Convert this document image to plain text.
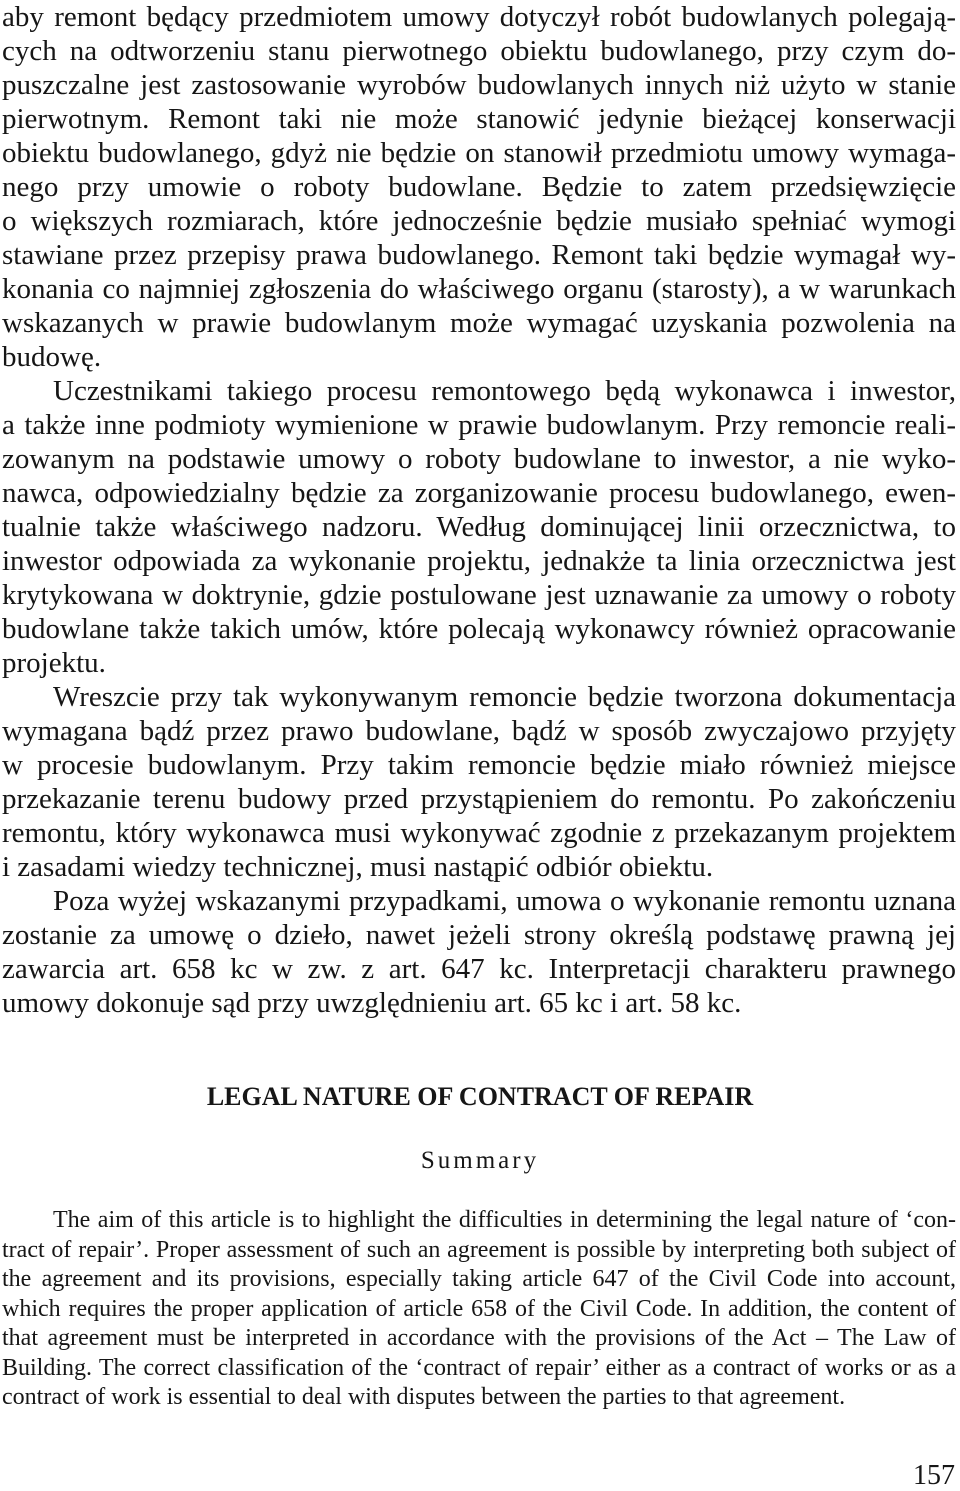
aby remont będący przedmiotem umowy dotyczył robót budowlanych polegają-
cych na odtworzeniu stanu pierwotnego obiektu budowlanego, przy czym do-
puszczalne jest zastosowanie wyrobów budowlanych innych niż użyto w stanie
pierwotnym. Remont taki nie może stanowić jedynie bieżącej konserwacji
obiektu budowlanego, gdyż nie będzie on stanowił przedmiotu umowy wymaga-
nego przy umowie o roboty budowlane. Będzie to zatem przedsięwzięcie
o większych rozmiarach, które jednocześnie będzie musiało spełniać wymogi
stawiane przez przepisy prawa budowlanego. Remont taki będzie wymagał wy-
konania co najmniej zgłoszenia do właściwego organu (starosty), a w warunkach
wskazanych w prawie budowlanym może wymagać uzyskania pozwolenia na
budowę.
Uczestnikami takiego procesu remontowego będą wykonawca i inwestor,
a także inne podmioty wymienione w prawie budowlanym. Przy remoncie reali-
zowanym na podstawie umowy o roboty budowlane to inwestor, a nie wyko-
nawca, odpowiedzialny będzie za zorganizowanie procesu budowlanego, ewen-
tualnie także właściwego nadzoru. Według dominującej linii orzecznictwa, to
inwestor odpowiada za wykonanie projektu, jednakże ta linia orzecznictwa jest
krytykowana w doktrynie, gdzie postulowane jest uznawanie za umowy o roboty
budowlane także takich umów, które polecają wykonawcy również opracowanie
projektu.
Wreszcie przy tak wykonywanym remoncie będzie tworzona dokumentacja
wymagana bądź przez prawo budowlane, bądź w sposób zwyczajowo przyjęty
w procesie budowlanym. Przy takim remoncie będzie miało również miejsce
przekazanie terenu budowy przed przystąpieniem do remontu. Po zakończeniu
remontu, który wykonawca musi wykonywać zgodnie z przekazanym projektem
i zasadami wiedzy technicznej, musi nastąpić odbiór obiektu.
Poza wyżej wskazanymi przypadkami, umowa o wykonanie remontu uznana
zostanie za umowę o dzieło, nawet jeżeli strony określą podstawę prawną jej
zawarcia art. 658 kc w zw. z art. 647 kc. Interpretacji charakteru prawnego
umowy dokonuje sąd przy uwzględnieniu art. 65 kc i art. 58 kc.
LEGAL NATURE OF CONTRACT OF REPAIR
Summary
The aim of this article is to highlight the difficulties in determining the legal nature of ‘con-
tract of repair’. Proper assessment of such an agreement is possible by interpreting both subject of
the agreement and its provisions, especially taking article 647 of the Civil Code into account,
which requires the proper application of article 658 of the Civil Code. In addition, the content of
that agreement must be interpreted in accordance with the provisions of the Act – The Law of
Building. The correct classification of the ‘contract of repair’ either as a contract of works or as a
contract of work is essential to deal with disputes between the parties to that agreement.
157
